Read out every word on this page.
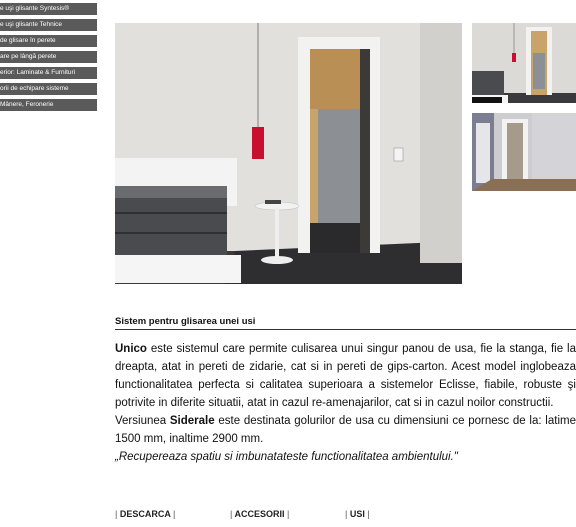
e uşi glisante Syntesis®
e uşi glisante Tehnice
de glisare în perete
are pe lângă perete
erior: Laminate & Furnituri
orii de echipare sisteme
Mânere, Feronerie
Sistem pentru glisarea unei usi

Unico este sistemul care permite culisarea unui singur panou de usa, fie la stanga, fie la dreapta, atat in pereti de zidarie, cat si in pereti de gips-carton. Acest model inglobeaza functionalitatea perfecta si calitatea superioara a sistemelor Eclisse, fiabile, robuste şi potrivite in diferite situatii, atat in cazul re-amenajarilor, cat si in cazul noilor constructii.

Versiunea Siderale este destinata golurilor de usa cu dimensiuni ce pornesc de la: latime 1500 mm, inaltime 2900 mm.

„Recupereaza spatiu si imbunatateste functionalitatea ambientului."

| DESCARCA |	| ACCESORII |	| USI |
